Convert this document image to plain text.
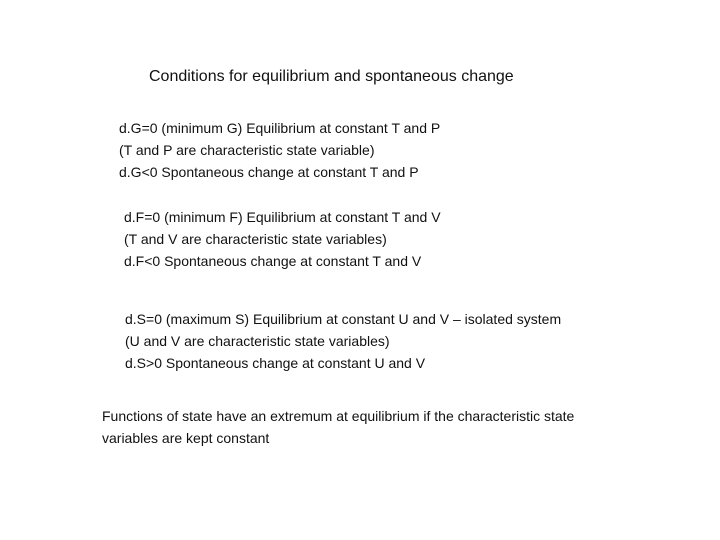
Conditions for equilibrium and spontaneous change
d.G=0 (minimum G) Equilibrium at constant T and P
(T and P are characteristic state variable)
d.G<0 Spontaneous change at constant T and P
d.F=0 (minimum F) Equilibrium at constant T and V
(T and V are characteristic state variables)
d.F<0 Spontaneous change at constant T and V
d.S=0 (maximum S) Equilibrium at constant U and V – isolated system
(U and V are characteristic state variables)
d.S>0 Spontaneous change at constant U and V
Functions of state have an extremum at equilibrium if the characteristic state
variables are kept constant
